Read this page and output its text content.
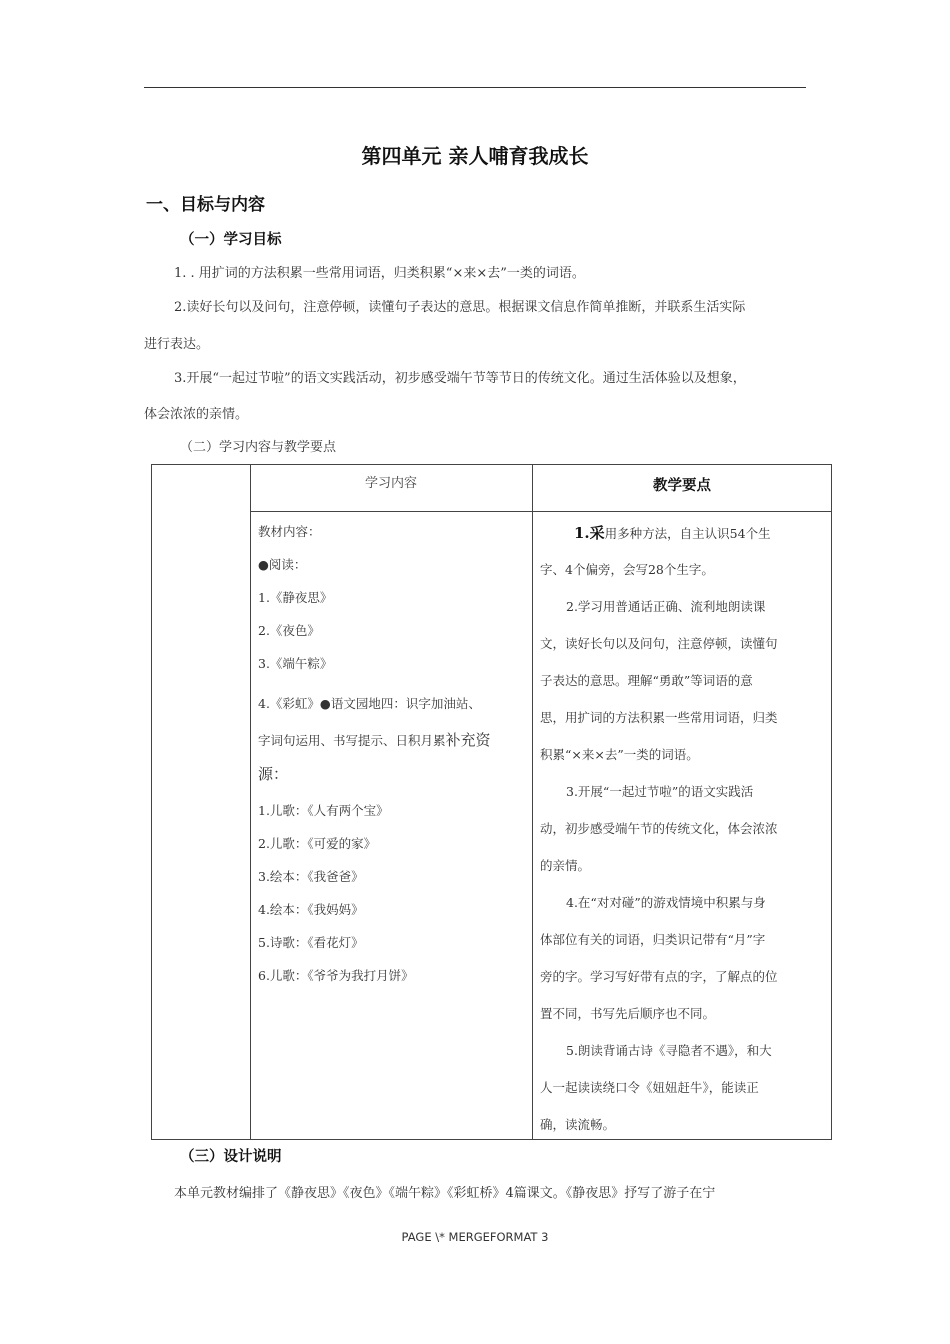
第四单元 亲人哺育我成长
一、目标与内容
（一）学习目标
1. . 用扩词的方法积累一些常用词语，归类积累“×来×去”一类的词语。
2.读好长句以及问句，注意停顿，读懂句子表达的意思。根据课文信息作简单推断，并联系生活实际
进行表达。
3.开展“一起过节啦”的语文实践活动，初步感受端午节等节日的传统文化。通过生活体验以及想象，
体会浓浓的亲情。
（二）学习内容与教学要点
学习内容	教学要点
教材内容：
●阅读：
1.《静夜思》
2.《夜色》
3.《端午粽》
4.《彩虹》●语文园地四：识字加油站、
字词句运用、书写提示、日积月累补充资
源：
1.儿歌：《人有两个宝》
2.儿歌：《可爱的家》
3.绘本：《我爸爸》
4.绘本：《我妈妈》
5.诗歌：《看花灯》
6.儿歌：《爷爷为我打月饼》
1.采用多种方法，自主认识54个生
字、4个偏旁，会写28个生字。
2.学习用普通话正确、流利地朗读课
文，读好长句以及问句，注意停顿，读懂句
子表达的意思。理解“勇敢”等词语的意
思，用扩词的方法积累一些常用词语，归类
积累“×来×去”一类的词语。
3.开展“一起过节啦”的语文实践活
动，初步感受端午节的传统文化，体会浓浓
的亲情。
4.在“对对碰”的游戏情境中积累与身
体部位有关的词语，归类识记带有“月”字
旁的字。学习写好带有点的字，了解点的位
置不同，书写先后顺序也不同。
5.朗读背诵古诗《寻隐者不遇》，和大
人一起读读绕口令《妞妞赶牛》，能读正
确，读流畅。
（三）设计说明
本单元教材编排了《静夜思》《夜色》《端午粽》《彩虹桥》4篇课文。《静夜思》抒写了游子在宁
PAGE \* MERGEFORMAT 3
